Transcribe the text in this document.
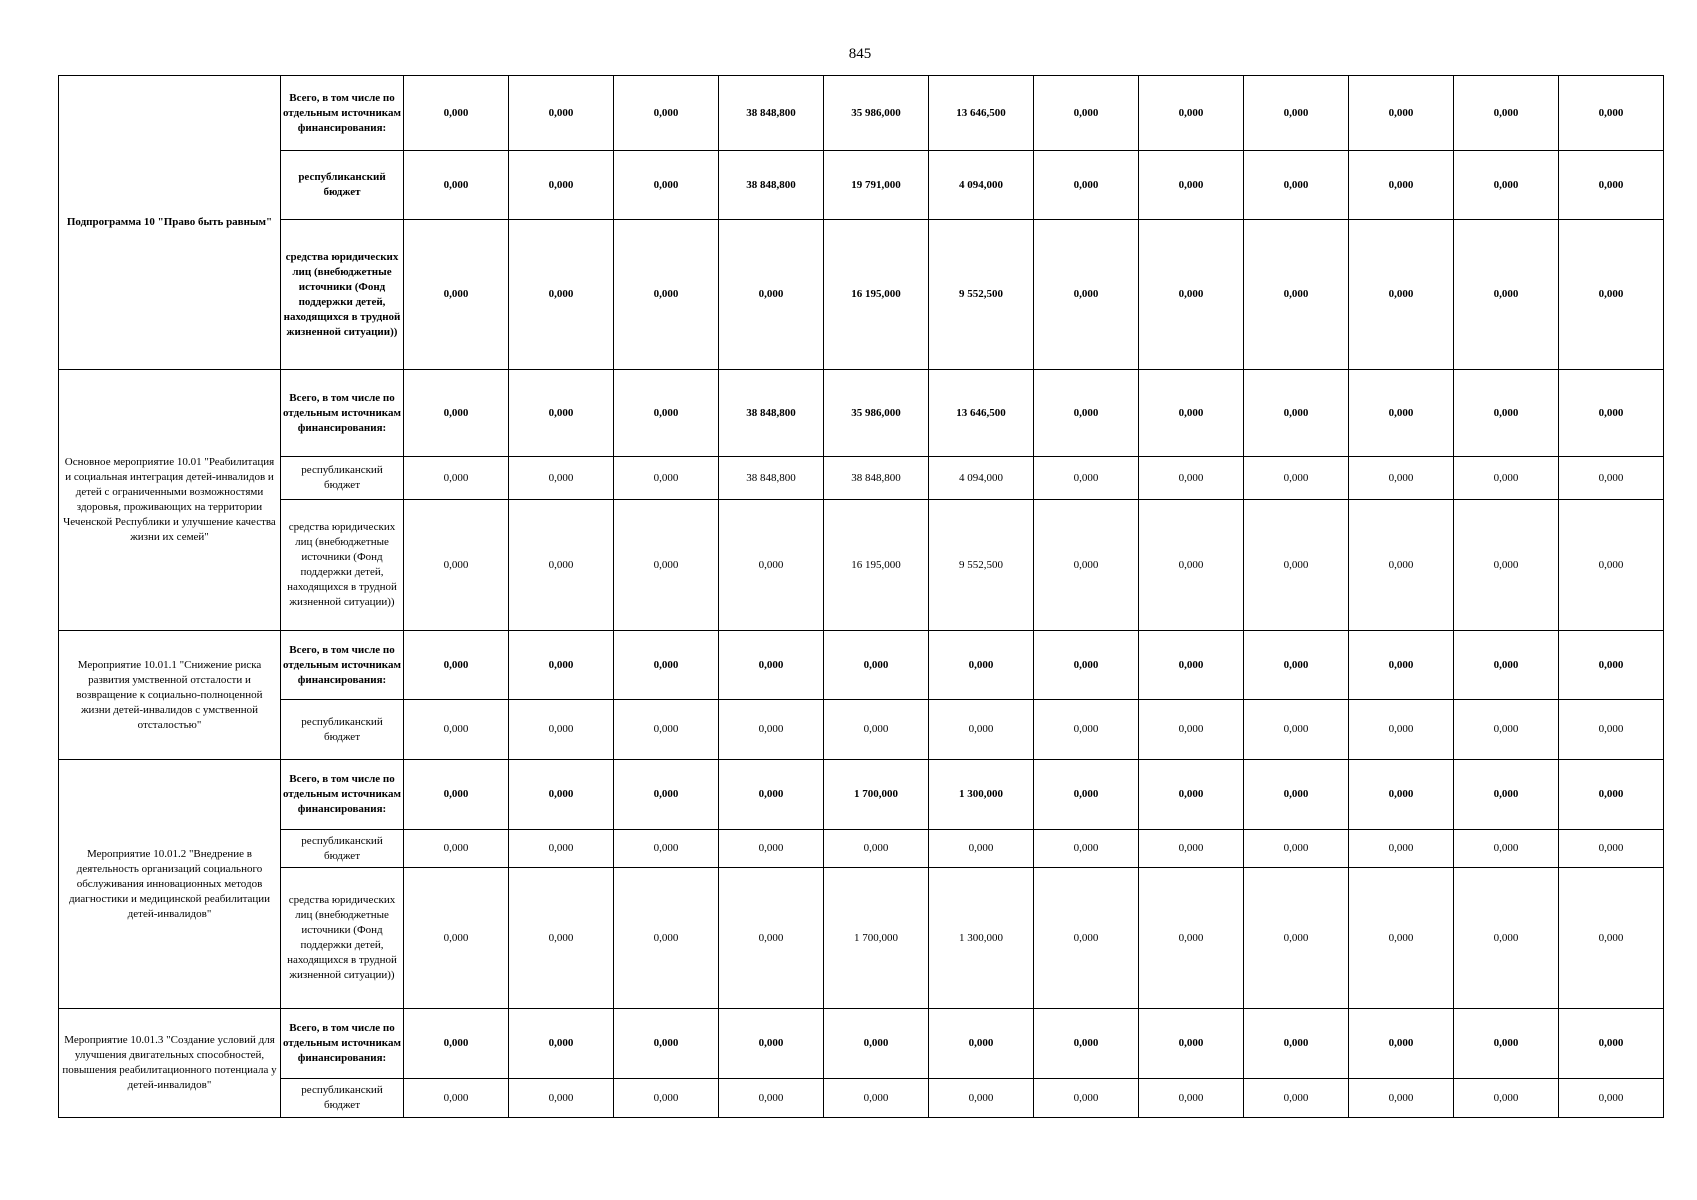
845
Подпрограмма 10 "Право быть равным"	Всего, в том числе по отдельным источникам финансирования:	0,000	0,000	0,000	38 848,800	35 986,000	13 646,500	0,000	0,000	0,000	0,000	0,000	0,000
	республиканский бюджет	0,000	0,000	0,000	38 848,800	19 791,000	4 094,000	0,000	0,000	0,000	0,000	0,000	0,000
	средства юридических лиц (внебюджетные источники (Фонд поддержки детей, находящихся в трудной жизненной ситуации))	0,000	0,000	0,000	0,000	16 195,000	9 552,500	0,000	0,000	0,000	0,000	0,000	0,000
Основное мероприятие 10.01 "Реабилитация и социальная интеграция детей-инвалидов и детей с ограниченными возможностями здоровья, проживающих на территории Чеченской Республики и улучшение качества жизни их семей"	Всего, в том числе по отдельным источникам финансирования:	0,000	0,000	0,000	38 848,800	35 986,000	13 646,500	0,000	0,000	0,000	0,000	0,000	0,000
	республиканский бюджет	0,000	0,000	0,000	38 848,800	38 848,800	4 094,000	0,000	0,000	0,000	0,000	0,000	0,000
	средства юридических лиц (внебюджетные источники (Фонд поддержки детей, находящихся в трудной жизненной ситуации))	0,000	0,000	0,000	0,000	16 195,000	9 552,500	0,000	0,000	0,000	0,000	0,000	0,000
Мероприятие 10.01.1 "Снижение риска развития умственной отсталости и возвращение к социально-полноценной жизни детей-инвалидов с умственной отсталостью"	Всего, в том числе по отдельным источникам финансирования:	0,000	0,000	0,000	0,000	0,000	0,000	0,000	0,000	0,000	0,000	0,000	0,000
	республиканский бюджет	0,000	0,000	0,000	0,000	0,000	0,000	0,000	0,000	0,000	0,000	0,000	0,000
Мероприятие 10.01.2 "Внедрение в деятельность организаций социального обслуживания инновационных методов диагностики и медицинской реабилитации детей-инвалидов"	Всего, в том числе по отдельным источникам финансирования:	0,000	0,000	0,000	0,000	1 700,000	1 300,000	0,000	0,000	0,000	0,000	0,000	0,000
	республиканский бюджет	0,000	0,000	0,000	0,000	0,000	0,000	0,000	0,000	0,000	0,000	0,000	0,000
	средства юридических лиц (внебюджетные источники (Фонд поддержки детей, находящихся в трудной жизненной ситуации))	0,000	0,000	0,000	0,000	1 700,000	1 300,000	0,000	0,000	0,000	0,000	0,000	0,000
Мероприятие 10.01.3 "Создание условий для улучшения двигательных способностей, повышения реабилитационного потенциала у детей-инвалидов"	Всего, в том числе по отдельным источникам финансирования:	0,000	0,000	0,000	0,000	0,000	0,000	0,000	0,000	0,000	0,000	0,000	0,000
	республиканский бюджет	0,000	0,000	0,000	0,000	0,000	0,000	0,000	0,000	0,000	0,000	0,000	0,000
